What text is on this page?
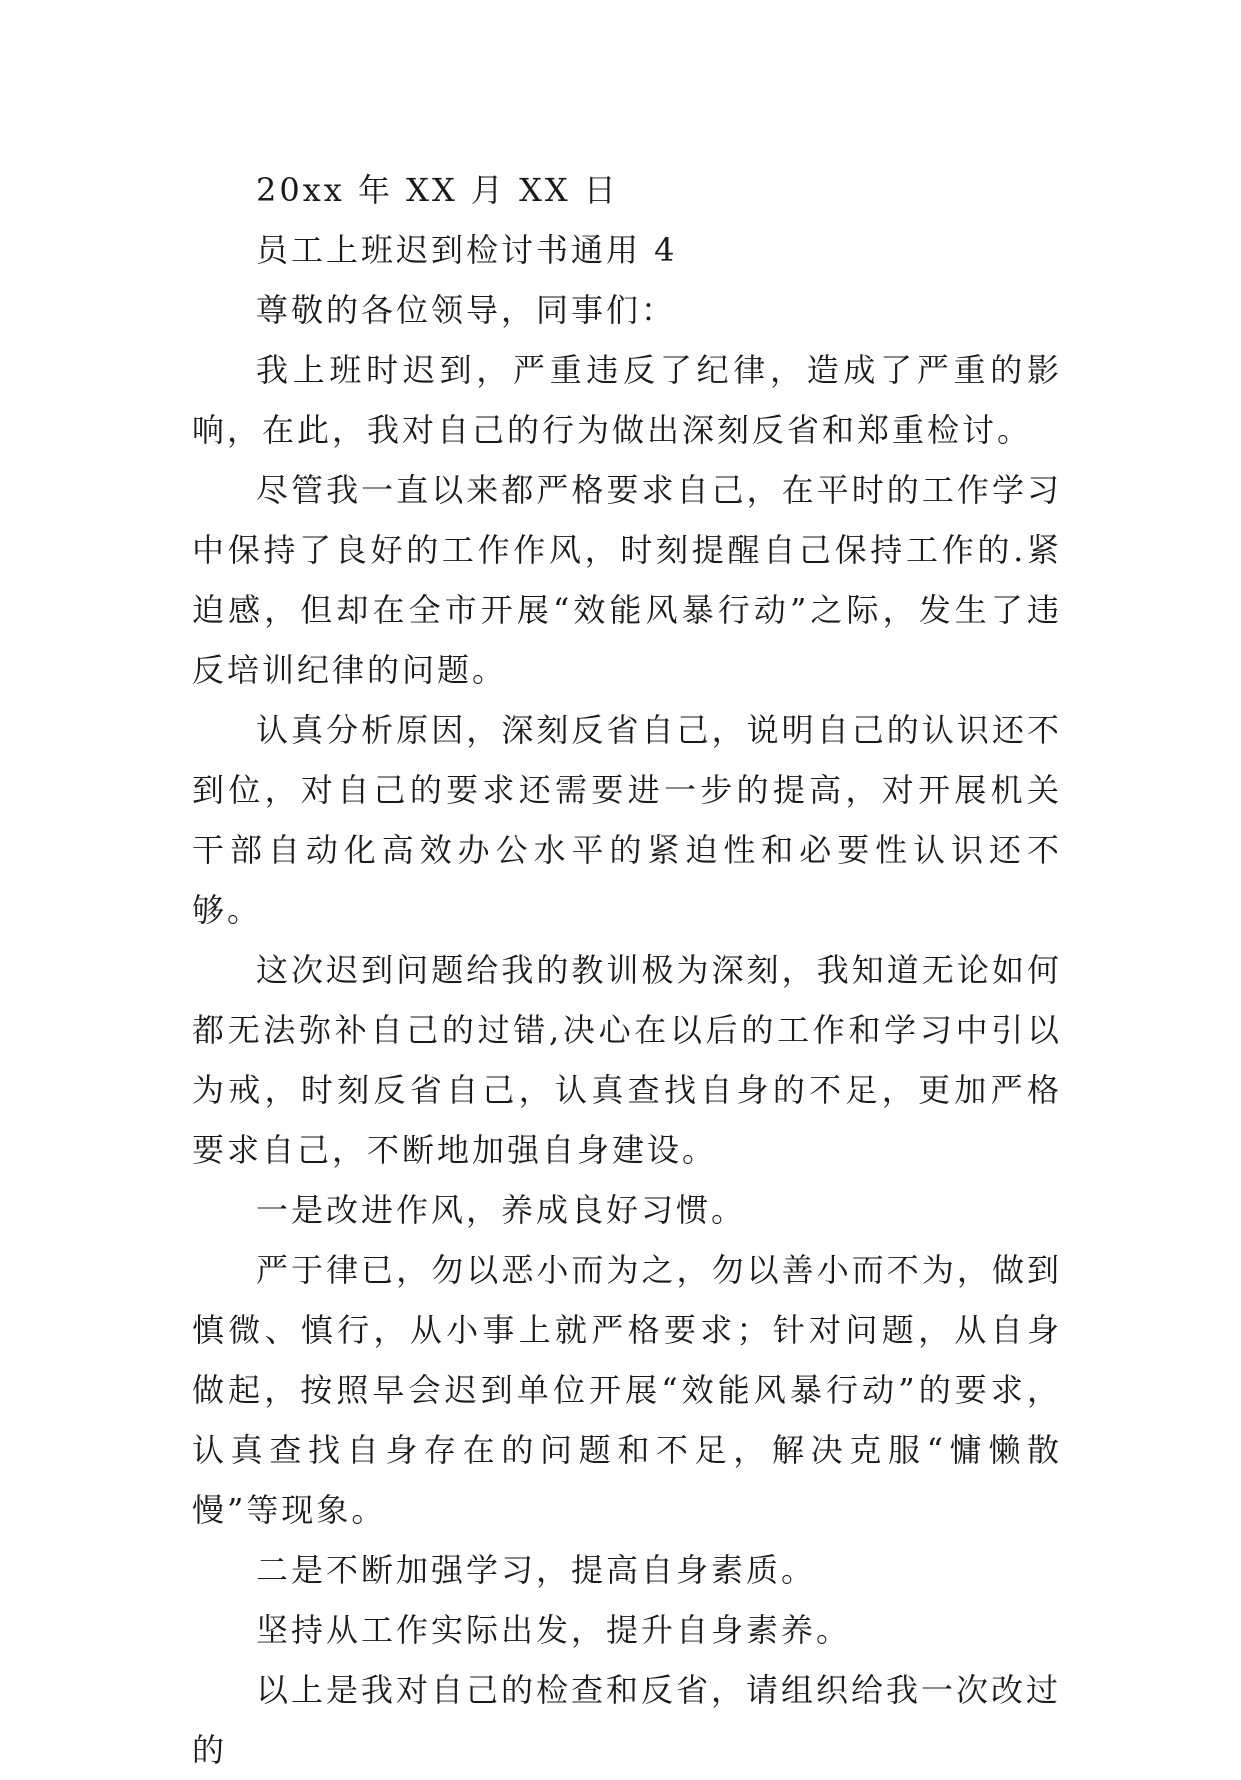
20xx 年 XX 月 XX 日

员工上班迟到检讨书通用 4

尊敬的各位领导，同事们：

我上班时迟到，严重违反了纪律，造成了严重的影响，在此，我对自己的行为做出深刻反省和郑重检讨。

尽管我一直以来都严格要求自己，在平时的工作学习中保持了良好的工作作风，时刻提醒自己保持工作的.紧迫感，但却在全市开展“效能风暴行动”之际，发生了违反培训纪律的问题。

认真分析原因，深刻反省自己，说明自己的认识还不到位，对自己的要求还需要进一步的提高，对开展机关干部自动化高效办公水平的紧迫性和必要性认识还不够。

这次迟到问题给我的教训极为深刻，我知道无论如何都无法弥补自己的过错,决心在以后的工作和学习中引以为戒，时刻反省自己，认真查找自身的不足，更加严格要求自己，不断地加强自身建设。

一是改进作风，养成良好习惯。

严于律已，勿以恶小而为之，勿以善小而不为，做到慎微、慎行，从小事上就严格要求；针对问题，从自身做起，按照早会迟到单位开展“效能风暴行动”的要求，认真查找自身存在的问题和不足，解决克服“慵懒散慢”等现象。

二是不断加强学习，提高自身素质。

坚持从工作实际出发，提升自身素养。

以上是我对自己的检查和反省，请组织给我一次改过的
